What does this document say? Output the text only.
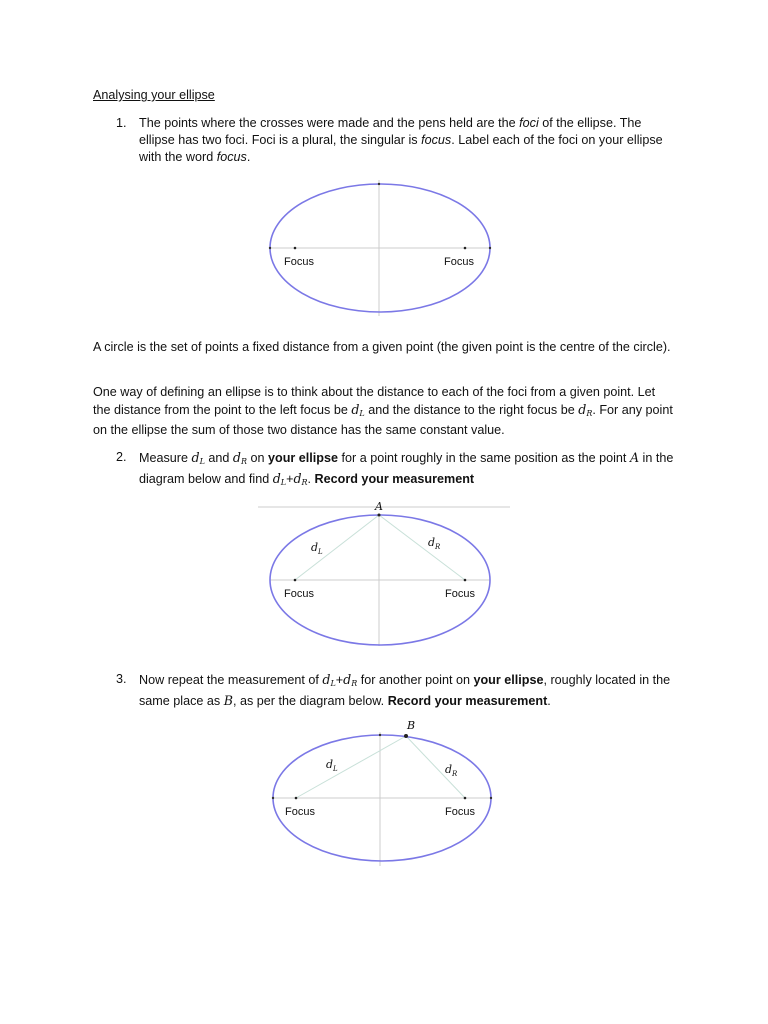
Analysing your ellipse
1. The points where the crosses were made and the pens held are the foci of the ellipse. The ellipse has two foci. Foci is a plural, the singular is focus. Label each of the foci on your ellipse with the word focus.
Focus	Focus
A circle is the set of points a fixed distance from a given point (the given point is the centre of the circle).
One way of defining an ellipse is to think about the distance to each of the foci from a given point. Let the distance from the point to the left focus be $d_L$ and the distance to the right focus be $d_R$. For any point on the ellipse the sum of those two distance has the same constant value.
2. Measure $d_L$ and $d_R$ on your ellipse for a point roughly in the same position as the point A in the diagram below and find $d_L+d_R$. Record your measurement
A
$d_L$
$d_R$
Focus	Focus
3. Now repeat the measurement of $d_L+d_R$ for another point on your ellipse, roughly located in the same place as B, as per the diagram below. Record your measurement.
B
$d_L$	$d_R$
Focus	Focus
